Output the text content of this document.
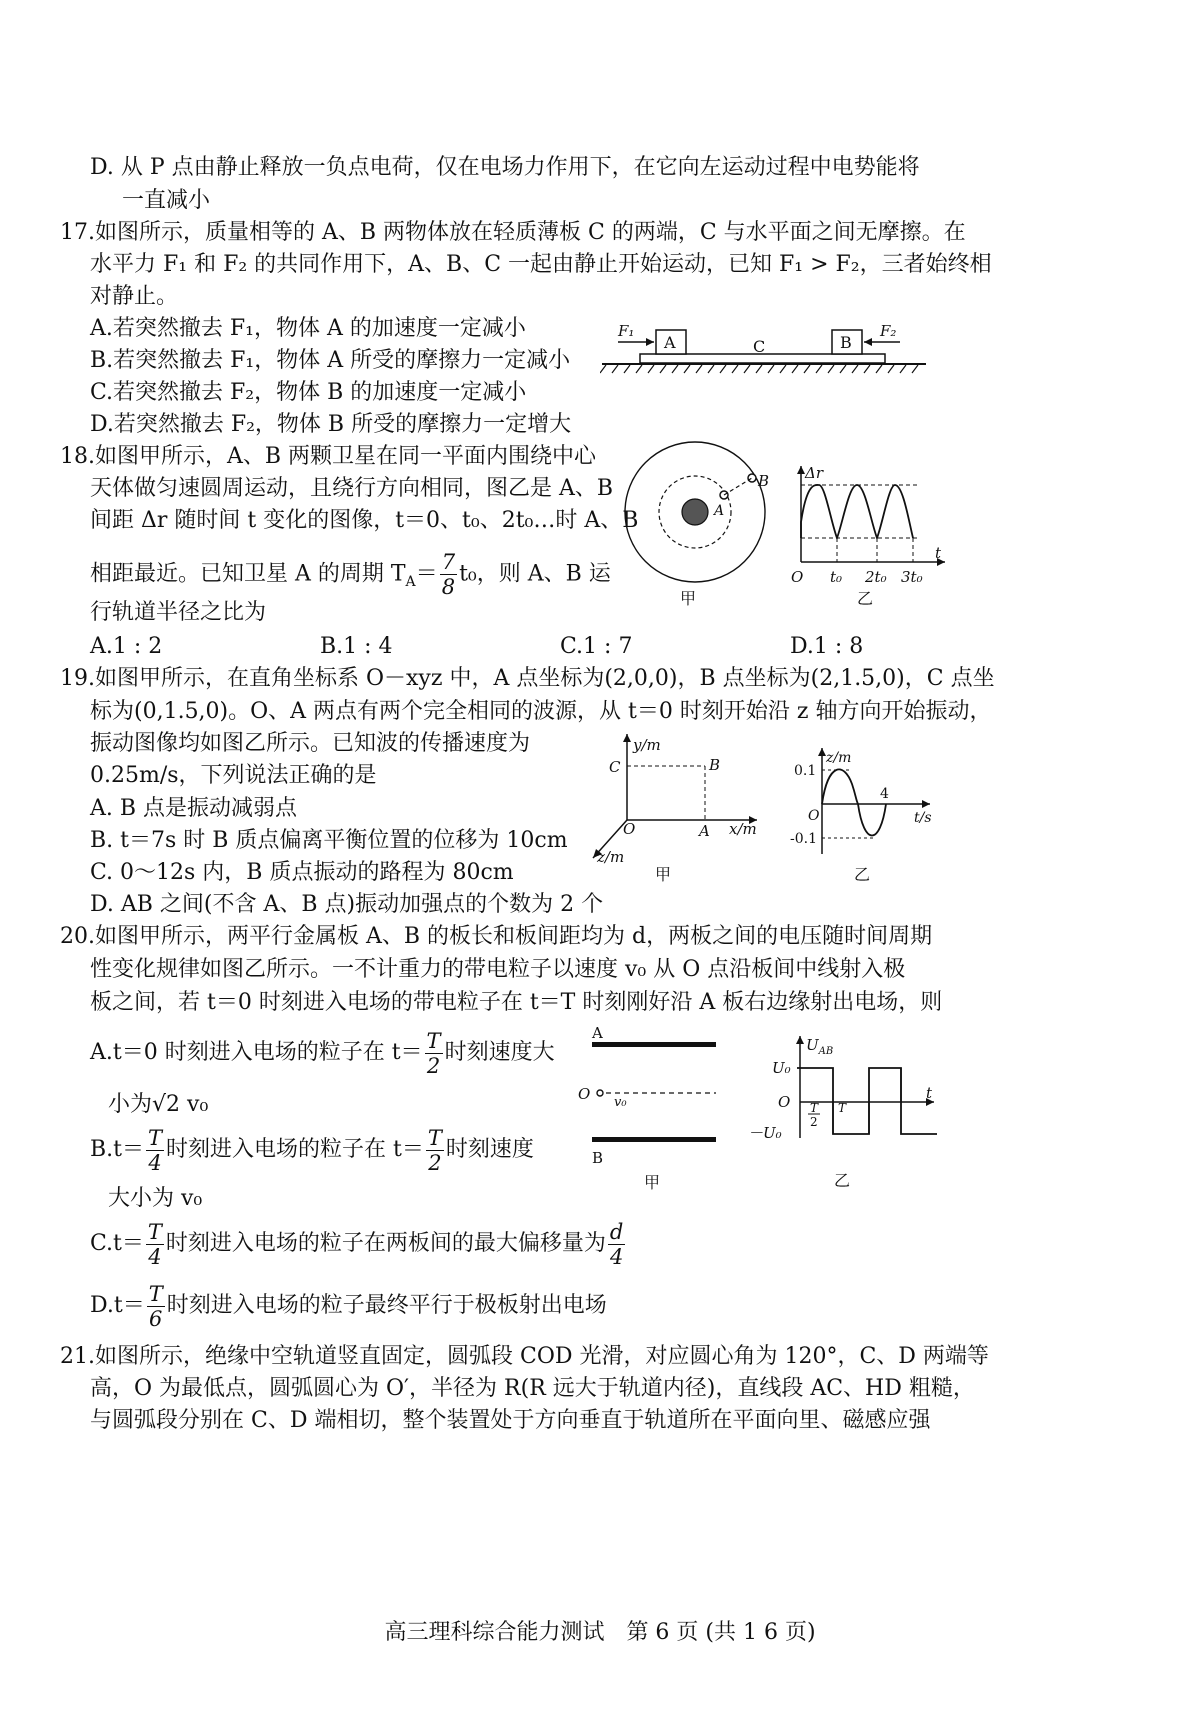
D. 从 P 点由静止释放一负点电荷，仅在电场力作用下，在它向左运动过程中电势能将
一直减小
17.如图所示，质量相等的 A、B 两物体放在轻质薄板 C 的两端，C 与水平面之间无摩擦。在
水平力 F₁ 和 F₂ 的共同作用下，A、B、C 一起由静止开始运动，已知 F₁ > F₂，三者始终相
对静止。
A.若突然撤去 F₁，物体 A 的加速度一定减小
B.若突然撤去 F₁，物体 A 所受的摩擦力一定减小
C.若突然撤去 F₂，物体 B 的加速度一定减小
D.若突然撤去 F₂，物体 B 所受的摩擦力一定增大
A	B
C
F₁	F₂
18.如图甲所示，A、B 两颗卫星在同一平面内围绕中心
天体做匀速圆周运动，且绕行方向相同，图乙是 A、B
间距 Δr 随时间 t 变化的图像，t＝0、t₀、2t₀…时 A、B
相距最近。已知卫星 A 的周期 $T_A= \frac{7}{8} t_0$，则 A、B 运
行轨道半径之比为
A.1 : 2	B.1 : 4	C.1 : 7	D.1 : 8
A
B
甲
Δr
t
O t₀ 2t₀ 3t₀
乙
19.如图甲所示，在直角坐标系 O－xyz 中，A 点坐标为(2,0,0)，B 点坐标为(2,1.5,0)，C 点坐
标为(0,1.5,0)。O、A 两点有两个完全相同的波源，从 t＝0 时刻开始沿 z 轴方向开始振动，
振动图像均如图乙所示。已知波的传播速度为
0.25m/s，下列说法正确的是
A. B 点是振动减弱点
B. t＝7s 时 B 质点偏离平衡位置的位移为 10cm
C. 0～12s 内，B 质点振动的路程为 80cm
D. AB 之间(不含 A、B 点)振动加强点的个数为 2 个
y/m
x/m
z/m
O	A
B
C
甲
z/m
t/s
O
0.1
-0.1
4
乙
20.如图甲所示，两平行金属板 A、B 的板长和板间距均为 d，两板之间的电压随时间周期
性变化规律如图乙所示。一不计重力的带电粒子以速度 v₀ 从 O 点沿板间中线射入极
板之间，若 t＝0 时刻进入电场的带电粒子在 t＝T 时刻刚好沿 A 板右边缘射出电场，则
A.t＝0 时刻进入电场的粒子在 $t= \frac{T}{2}$ 时刻速度大
小为√2 v₀
$B.t= \frac{T}{4}$ 时刻进入电场的粒子在 $t= \frac{T}{2}$ 时刻速度
大小为 v₀
$C.t= \frac{T}{4}$ 时刻进入电场的粒子在两板间的最大偏移量为 $\frac{d}{4}$
$D.t= \frac{T}{6}$ 时刻进入电场的粒子最终平行于极板射出电场
A
B
O v₀
甲
$U_{AB}$
t
O
U₀
－U₀
T
2
T
乙
21.如图所示，绝缘中空轨道竖直固定，圆弧段 COD 光滑，对应圆心角为 120°，C、D 两端等
高，O 为最低点，圆弧圆心为 O′，半径为 R(R 远大于轨道内径)，直线段 AC、HD 粗糙，
与圆弧段分别在 C、D 端相切，整个装置处于方向垂直于轨道所在平面向里、磁感应强
高三理科综合能力测试　第 6 页 (共 1 6 页)
